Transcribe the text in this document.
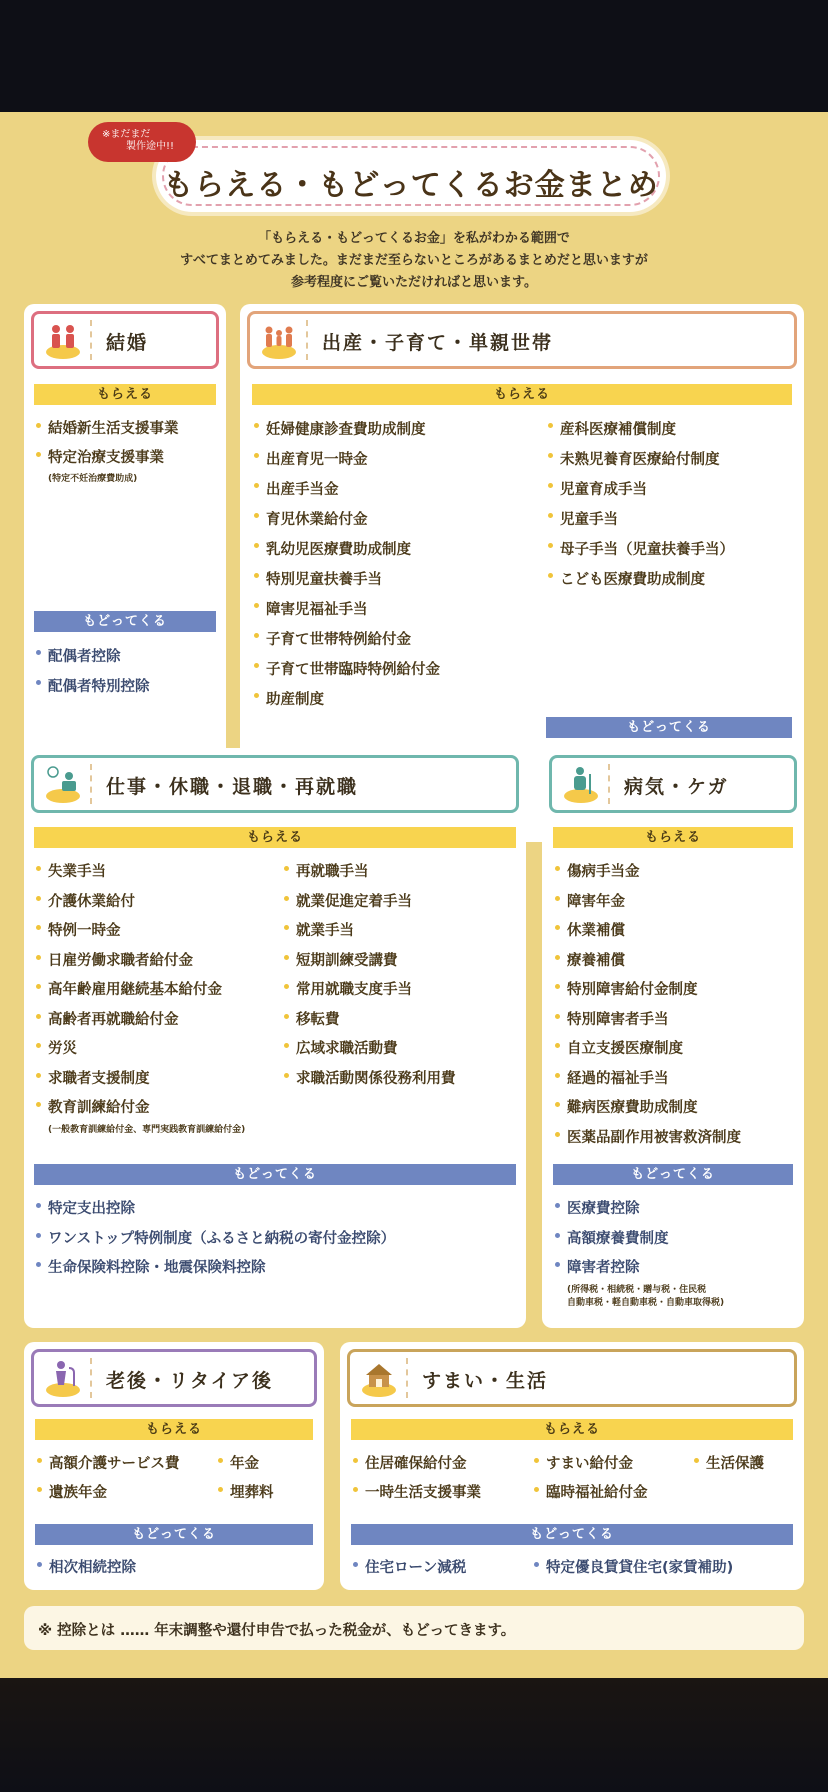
もらえる・もどってくるお金まとめ
※まだまだ
製作途中!!
「もらえる・もどってくるお金」を私がわかる範囲で
すべてまとめてみました。まだまだ至らないところがあるまとめだと思いますが
参考程度にご覧いただければと思います。
結婚
もらえる
結婚新生活支援事業
特定治療支援事業
(特定不妊治療費助成)
もどってくる
配偶者控除
配偶者特別控除
出産・子育て・単親世帯
もらえる
妊婦健康診査費助成制度
出産育児一時金
出産手当金
育児休業給付金
乳幼児医療費助成制度
特別児童扶養手当
障害児福祉手当
子育て世帯特例給付金
子育て世帯臨時特例給付金
助産制度
産科医療補償制度
未熟児養育医療給付制度
児童育成手当
児童手当
母子手当（児童扶養手当）
こども医療費助成制度
もどってくる
仕事・休職・退職・再就職
もらえる
失業手当
介護休業給付
特例一時金
日雇労働求職者給付金
高年齢雇用継続基本給付金
高齢者再就職給付金
労災
求職者支援制度
教育訓練給付金
(一般教育訓練給付金、専門実践教育訓練給付金)
再就職手当
就業促進定着手当
就業手当
短期訓練受講費
常用就職支度手当
移転費
広域求職活動費
求職活動関係役務利用費
もどってくる
特定支出控除
ワンストップ特例制度（ふるさと納税の寄付金控除）
生命保険料控除・地震保険料控除
病気・ケガ
もらえる
傷病手当金
障害年金
休業補償
療養補償
特別障害給付金制度
特別障害者手当
自立支援医療制度
経過的福祉手当
難病医療費助成制度
医薬品副作用被害救済制度
もどってくる
医療費控除
高額療養費制度
障害者控除
(所得税・相続税・贈与税・住民税
自動車税・軽自動車税・自動車取得税)
老後・リタイア後
もらえる
高額介護サービス費
遺族年金
年金
埋葬料
もどってくる
相次相続控除
すまい・生活
もらえる
住居確保給付金
一時生活支援事業
すまい給付金
臨時福祉給付金
生活保護
もどってくる
住宅ローン減税	特定優良賃貸住宅(家賃補助)
※ 控除とは …… 年末調整や還付申告で払った税金が、もどってきます。
